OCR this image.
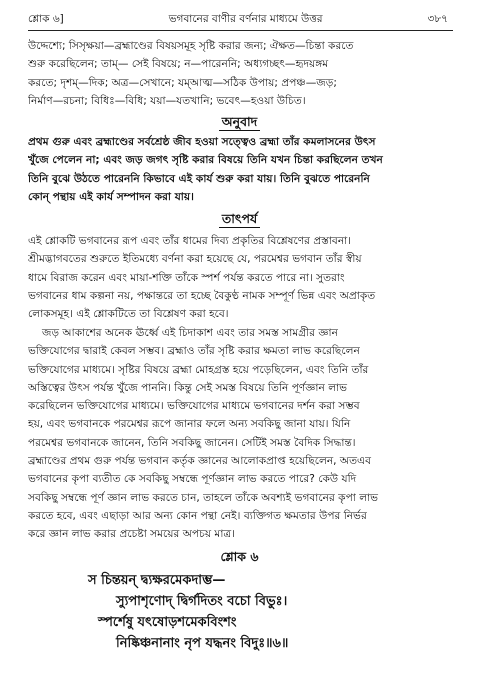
শ্লোক ৬]	ভগবানের বাণীর বর্ণনার মাধ্যমে উত্তর	৩৮৭

উদ্দেশ্যে; সিসৃক্ষয়া—ব্রহ্মাণ্ডের বিষয়সমূহ সৃষ্টি করার জন্য; ঐক্ষত—চিন্তা করতে
শুরু করেছিলেন; তাম্— সেই বিষয়ে; ন—পারেননি; অধ্যগচ্ছৎ—হৃদয়ঙ্গম
করতে; দৃশম্—দিক; অত্র—সেখানে; যম্‌আত্ম—সঠিক উপায়; প্রপঞ্চ—জড়;
নির্মাণ—রচনা; বিধিঃ—বিধি; যয়া—যতখানি; ভবেৎ—হওয়া উচিত।

অনুবাদ

প্রথম গুরু এবং ব্রহ্মাণ্ডের সর্বশ্রেষ্ঠ জীব হওয়া সত্ত্বেও ব্রহ্মা তাঁর কমলাসনের উৎস
খুঁজে পেলেন না; এবং জড় জগৎ সৃষ্টি করার বিষয়ে তিনি যখন চিন্তা করছিলেন তখন
তিনি বুঝে উঠতে পারেননি কিভাবে এই কার্য শুরু করা যায়। তিনি বুঝতে পারেননি
কোন্ পন্থায় এই কার্য সম্পাদন করা যায়।

তাৎপর্য

এই শ্লোকটি ভগবানের রূপ এবং তাঁর ধামের দিব্য প্রকৃতির বিশ্লেষণের প্রস্তাবনা।
শ্রীমদ্ভাগবতের শুরুতে ইতিমধ্যে বর্ণনা করা হয়েছে যে, পরমেশ্বর ভগবান তাঁর স্বীয়
ধামে বিরাজ করেন এবং মায়া-শক্তি তাঁকে স্পর্শ পর্যন্ত করতে পারে না। সুতরাং
ভগবানের ধাম কল্পনা নয়, পক্ষান্তরে তা হচ্ছে বৈকুণ্ঠ নামক সম্পূর্ণ ভিন্ন এবং অপ্রাকৃত
লোকসমূহ। এই শ্লোকটিতে তা বিশ্লেষণ করা হবে।

জড় আকাশের অনেক ঊর্ধ্বে এই চিদাকাশ এবং তার সমস্ত সামগ্রীর জ্ঞান
ভক্তিযোগের দ্বারাই কেবল সম্ভব। ব্রহ্মাও তাঁর সৃষ্টি করার ক্ষমতা লাভ করেছিলেন
ভক্তিযোগের মাধ্যমে। সৃষ্টির বিষয়ে ব্রহ্মা মোহগ্রস্ত হয়ে পড়েছিলেন, এবং তিনি তাঁর
অস্তিত্বের উৎস পর্যন্ত খুঁজে পাননি। কিন্তু সেই সমস্ত বিষয়ে তিনি পূর্ণজ্ঞান লাভ
করেছিলেন ভক্তিযোগের মাধ্যমে। ভক্তিযোগের মাধ্যমে ভগবানের দর্শন করা সম্ভব
হয়, এবং ভগবানকে পরমেশ্বর রূপে জানার ফলে অন্য সবকিছু জানা যায়। যিনি
পরমেশ্বর ভগবানকে জানেন, তিনি সবকিছু জানেন। সেটিই সমস্ত বৈদিক সিদ্ধান্ত।
ব্রহ্মাণ্ডের প্রথম গুরু পর্যন্ত ভগবান কর্তৃক জ্ঞানের আলোকপ্রাপ্ত হয়েছিলেন, অতএব
ভগবানের কৃপা ব্যতীত কে সবকিছু সম্বন্ধে পূর্ণজ্ঞান লাভ করতে পারে? কেউ যদি
সবকিছু সম্বন্ধে পূর্ণ জ্ঞান লাভ করতে চান, তাহলে তাঁকে অবশ্যই ভগবানের কৃপা লাভ
করতে হবে, এবং এছাড়া আর অন্য কোন পন্থা নেই। ব্যক্তিগত ক্ষমতার উপর নির্ভর
করে জ্ঞান লাভ করার প্রচেষ্টা সময়ের অপচয় মাত্র।

শ্লোক ৬
স চিন্তয়ন্ দ্ব্যক্ষরমেকদাম্ভ—
স্যুপাশৃণোদ্ দ্বির্গদিতং বচো বিভুঃ।
স্পর্শেষু যৎষোড়শমেকবিংশং
নিষ্কিঞ্চনানাং নৃপ যদ্ধনং বিদুঃ॥৬॥
